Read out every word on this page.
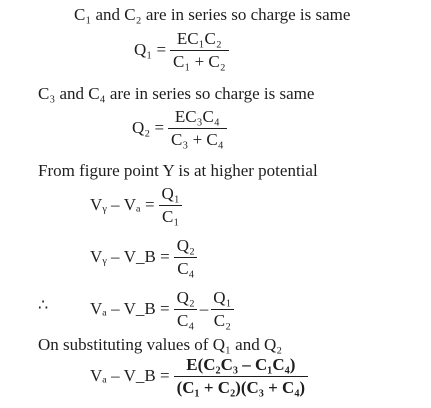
C₁ and C₂ are in series so charge is same
$Q_1 = \frac{\text{EC₁C₂}}{\text{C₁ + C₂}}$
C₃ and C₄ are in series so charge is same
$Q_2 = \frac{\text{EC₃C₄}}{\text{C₃ + C₄}}$
From figure point Y is at higher potential
Vᵧ – $V_a = \frac{\text{Q₁}}{\text{C₁}}$
Vᵧ – V_B = $\frac{\text{Q₂}}{\text{C₄}}$
∴ Vₐ – V_B = $\frac{\text{Q₂}}{\text{C₄}} - \frac{\text{Q₁}}{\text{C₂}}$
On substituting values of Q₁ and Q₂
Vₐ – V_B = $\frac{\text{E(C₂C₃ – C₁C₄)}}{\text{(C₁ + C₂)(C₃ + C₄)}}$
